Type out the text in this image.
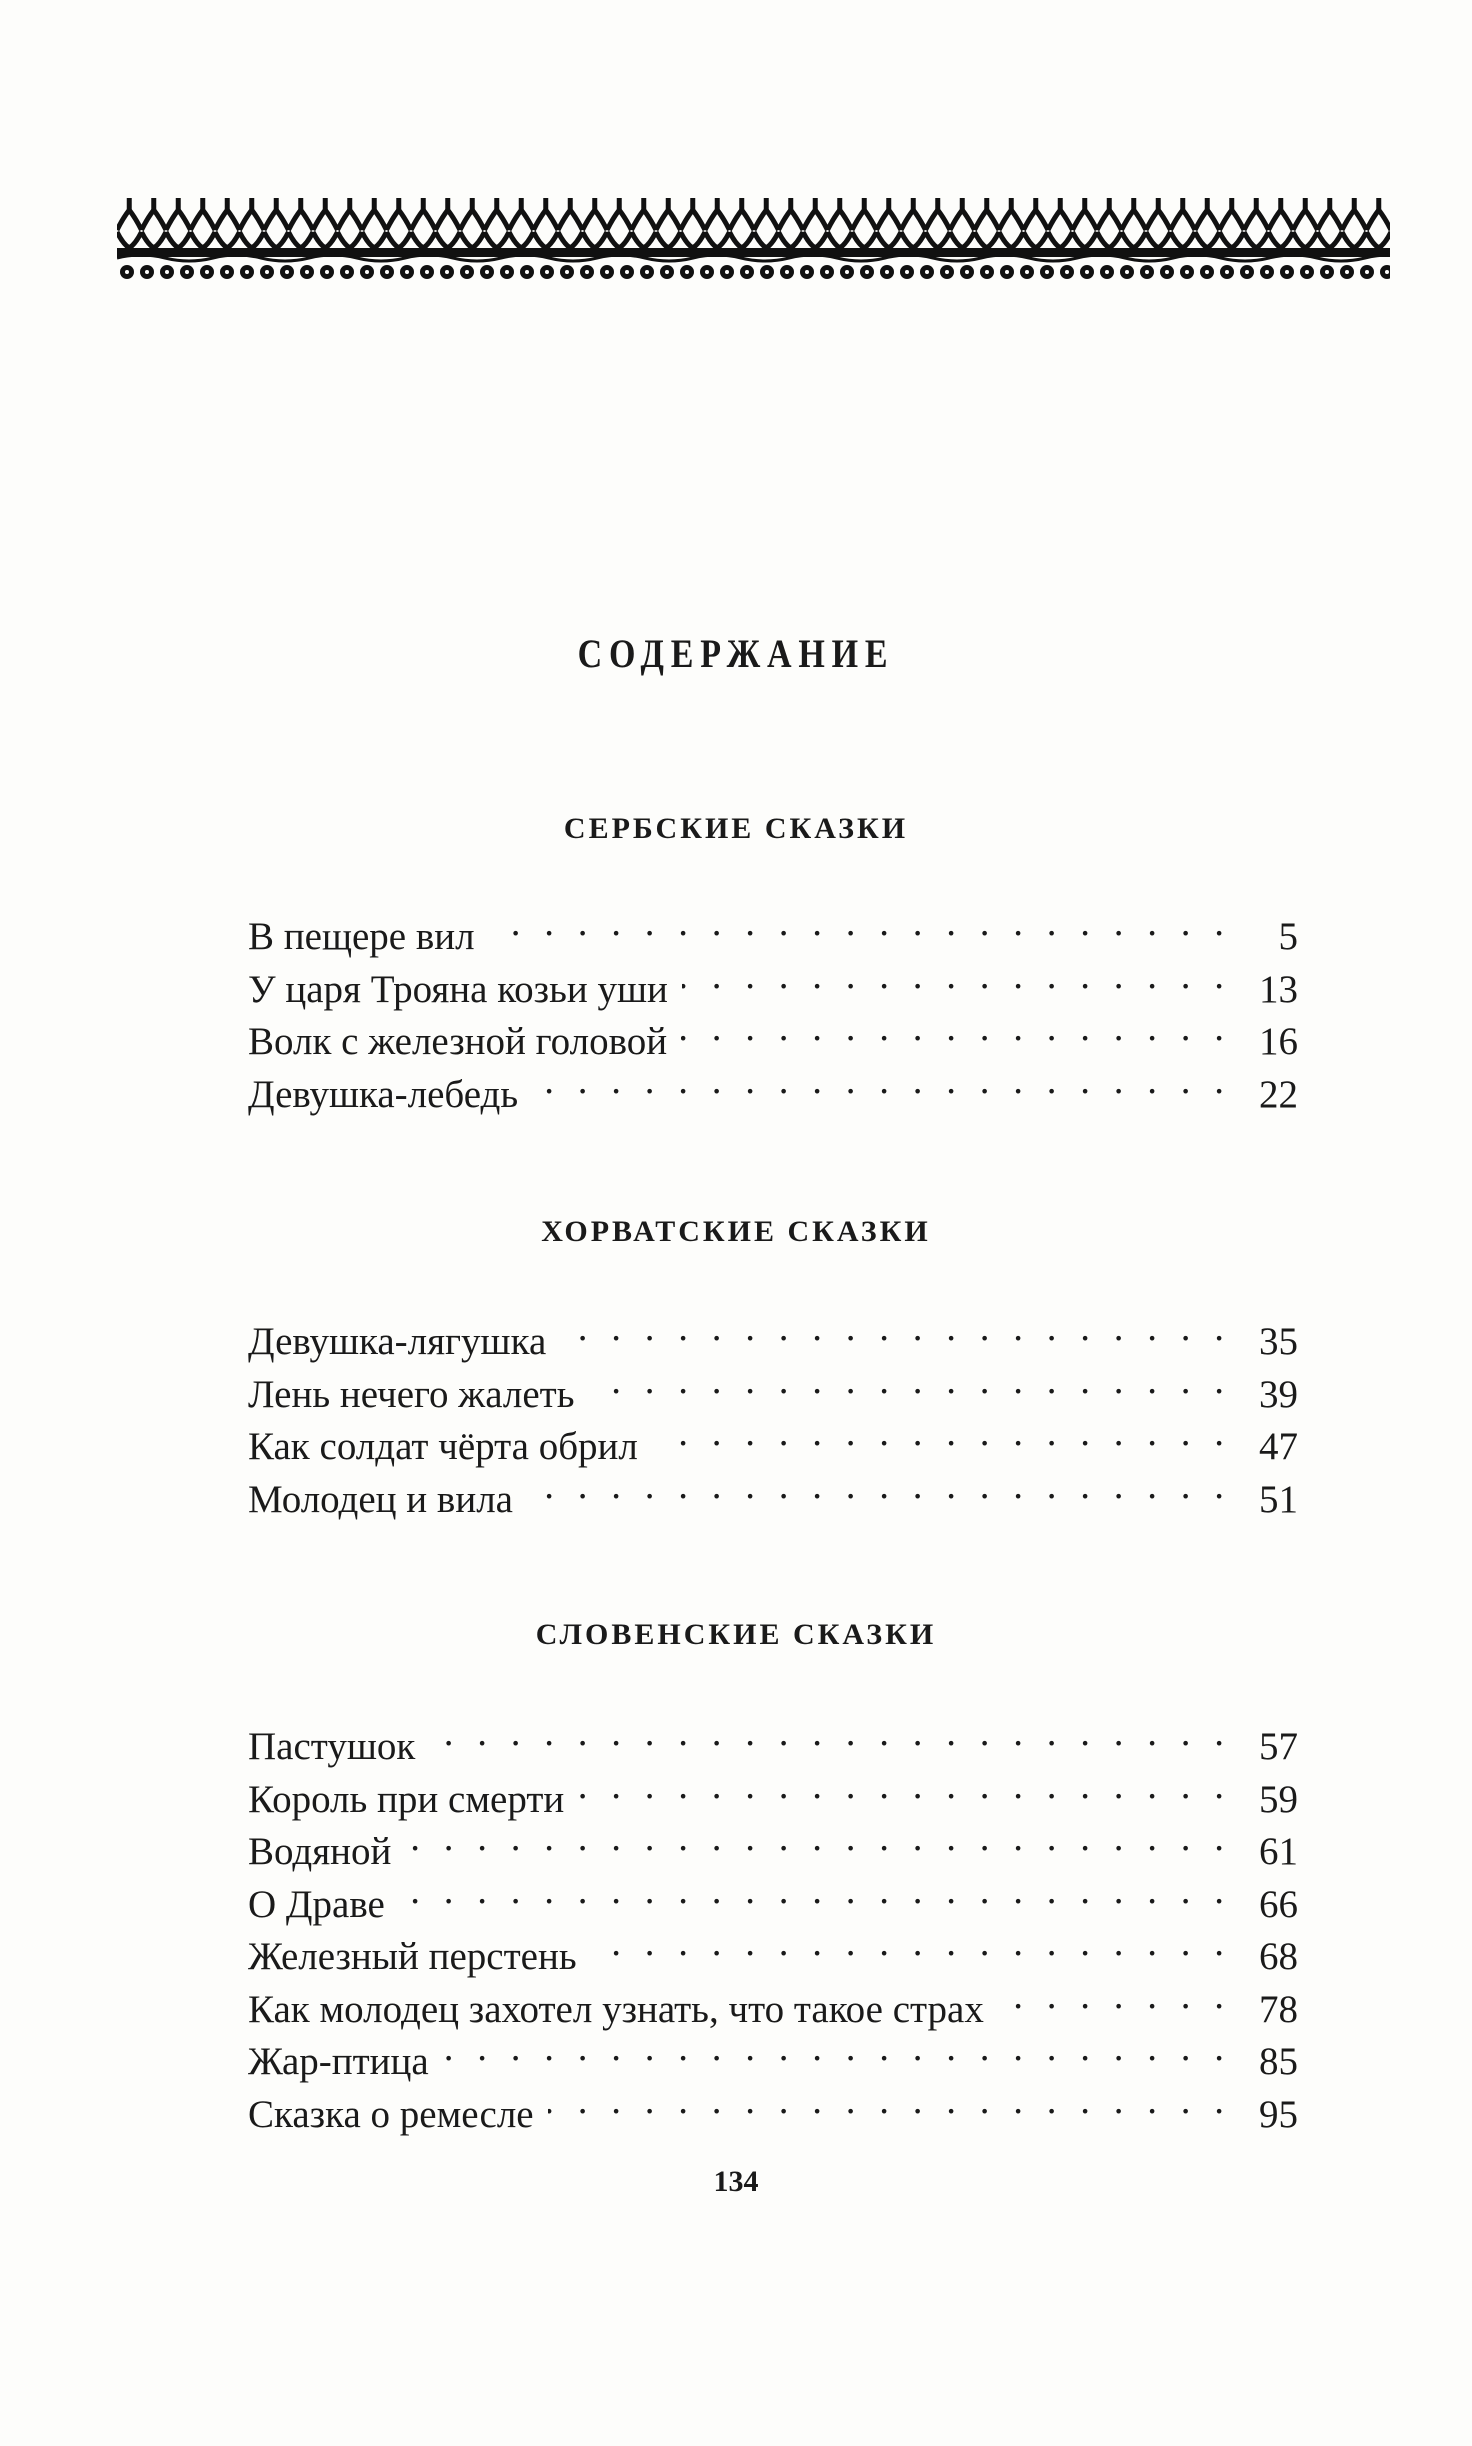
СОДЕРЖАНИЕ
СЕРБСКИЕ СКАЗКИ
В пещере вил . . .	5
У царя Трояна козьи уши . . .	13
Волк с железной головой . . .	16
Девушка-лебедь . . .	22
ХОРВАТСКИЕ СКАЗКИ
Девушка-лягушка . . .	35
Лень нечего жалеть . . .	39
Как солдат чёрта обрил . . .	47
Молодец и вила . . .	51
СЛОВЕНСКИЕ СКАЗКИ
Пастушок . . .	57
Король при смерти . . .	59
Водяной . . .	61
О Драве . . .	66
Железный перстень . . .	68
Как молодец захотел узнать, что такое страх . . .	78
Жар-птица . . .	85
Сказка о ремесле . . .	95
134
